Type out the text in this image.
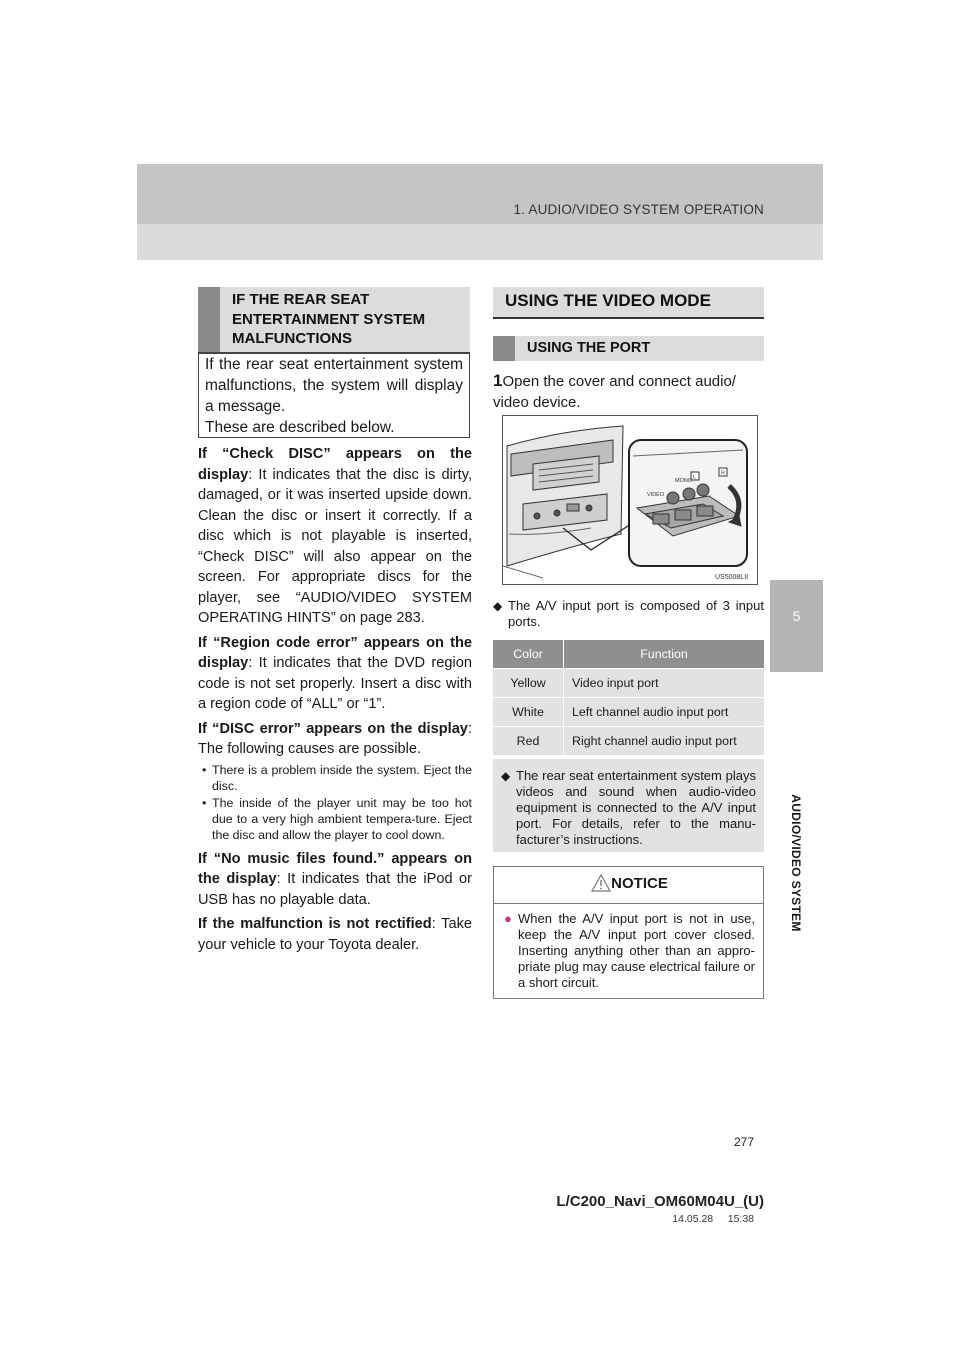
1. AUDIO/VIDEO SYSTEM OPERATION
5
AUDIO/VIDEO SYSTEM
IF THE REAR SEAT
ENTERTAINMENT SYSTEM
MALFUNCTIONS
If the rear seat entertainment system malfunctions, the system will display a message.
These are described below.

If “Check DISC” appears on the display: It indicates that the disc is dirty, damaged, or it was inserted upside down. Clean the disc or insert it correctly. If a disc which is not playable is inserted, “Check DISC” will also appear on the screen. For appropriate discs for the player, see “AUDIO/VIDEO SYSTEM OPERATING HINTS” on page 283.

If “Region code error” appears on the display: It indicates that the DVD region code is not set properly. Insert a disc with a region code of “ALL” or “1”.

If “DISC error” appears on the display: The following causes are possible.

• There is a problem inside the system. Eject the disc.
• The inside of the player unit may be too hot due to a very high ambient tempera-ture. Eject the disc and allow the player to cool down.

If “No music files found.” appears on the display: It indicates that the iPod or USB has no playable data.

If the malfunction is not rectified: Take your vehicle to your Toyota dealer.

USING THE VIDEO MODE
USING THE PORT
1Open the cover and connect audio/ video device.
VIDEO
MONO
L
R
US5008LII
◆ The A/V input port is composed of 3 input ports.
Color	Function
Yellow	Video input port
White	Left channel audio input port
Red	Right channel audio input port
◆ The rear seat entertainment system plays videos and sound when audio-video equipment is connected to the A/V input port. For details, refer to the manu-facturer’s instructions.
NOTICE
● When the A/V input port is not in use, keep the A/V input port cover closed. Inserting anything other than an appro-priate plug may cause electrical failure or a short circuit.
277
L/C200_Navi_OM60M04U_(U)
14.05.28     15:38
